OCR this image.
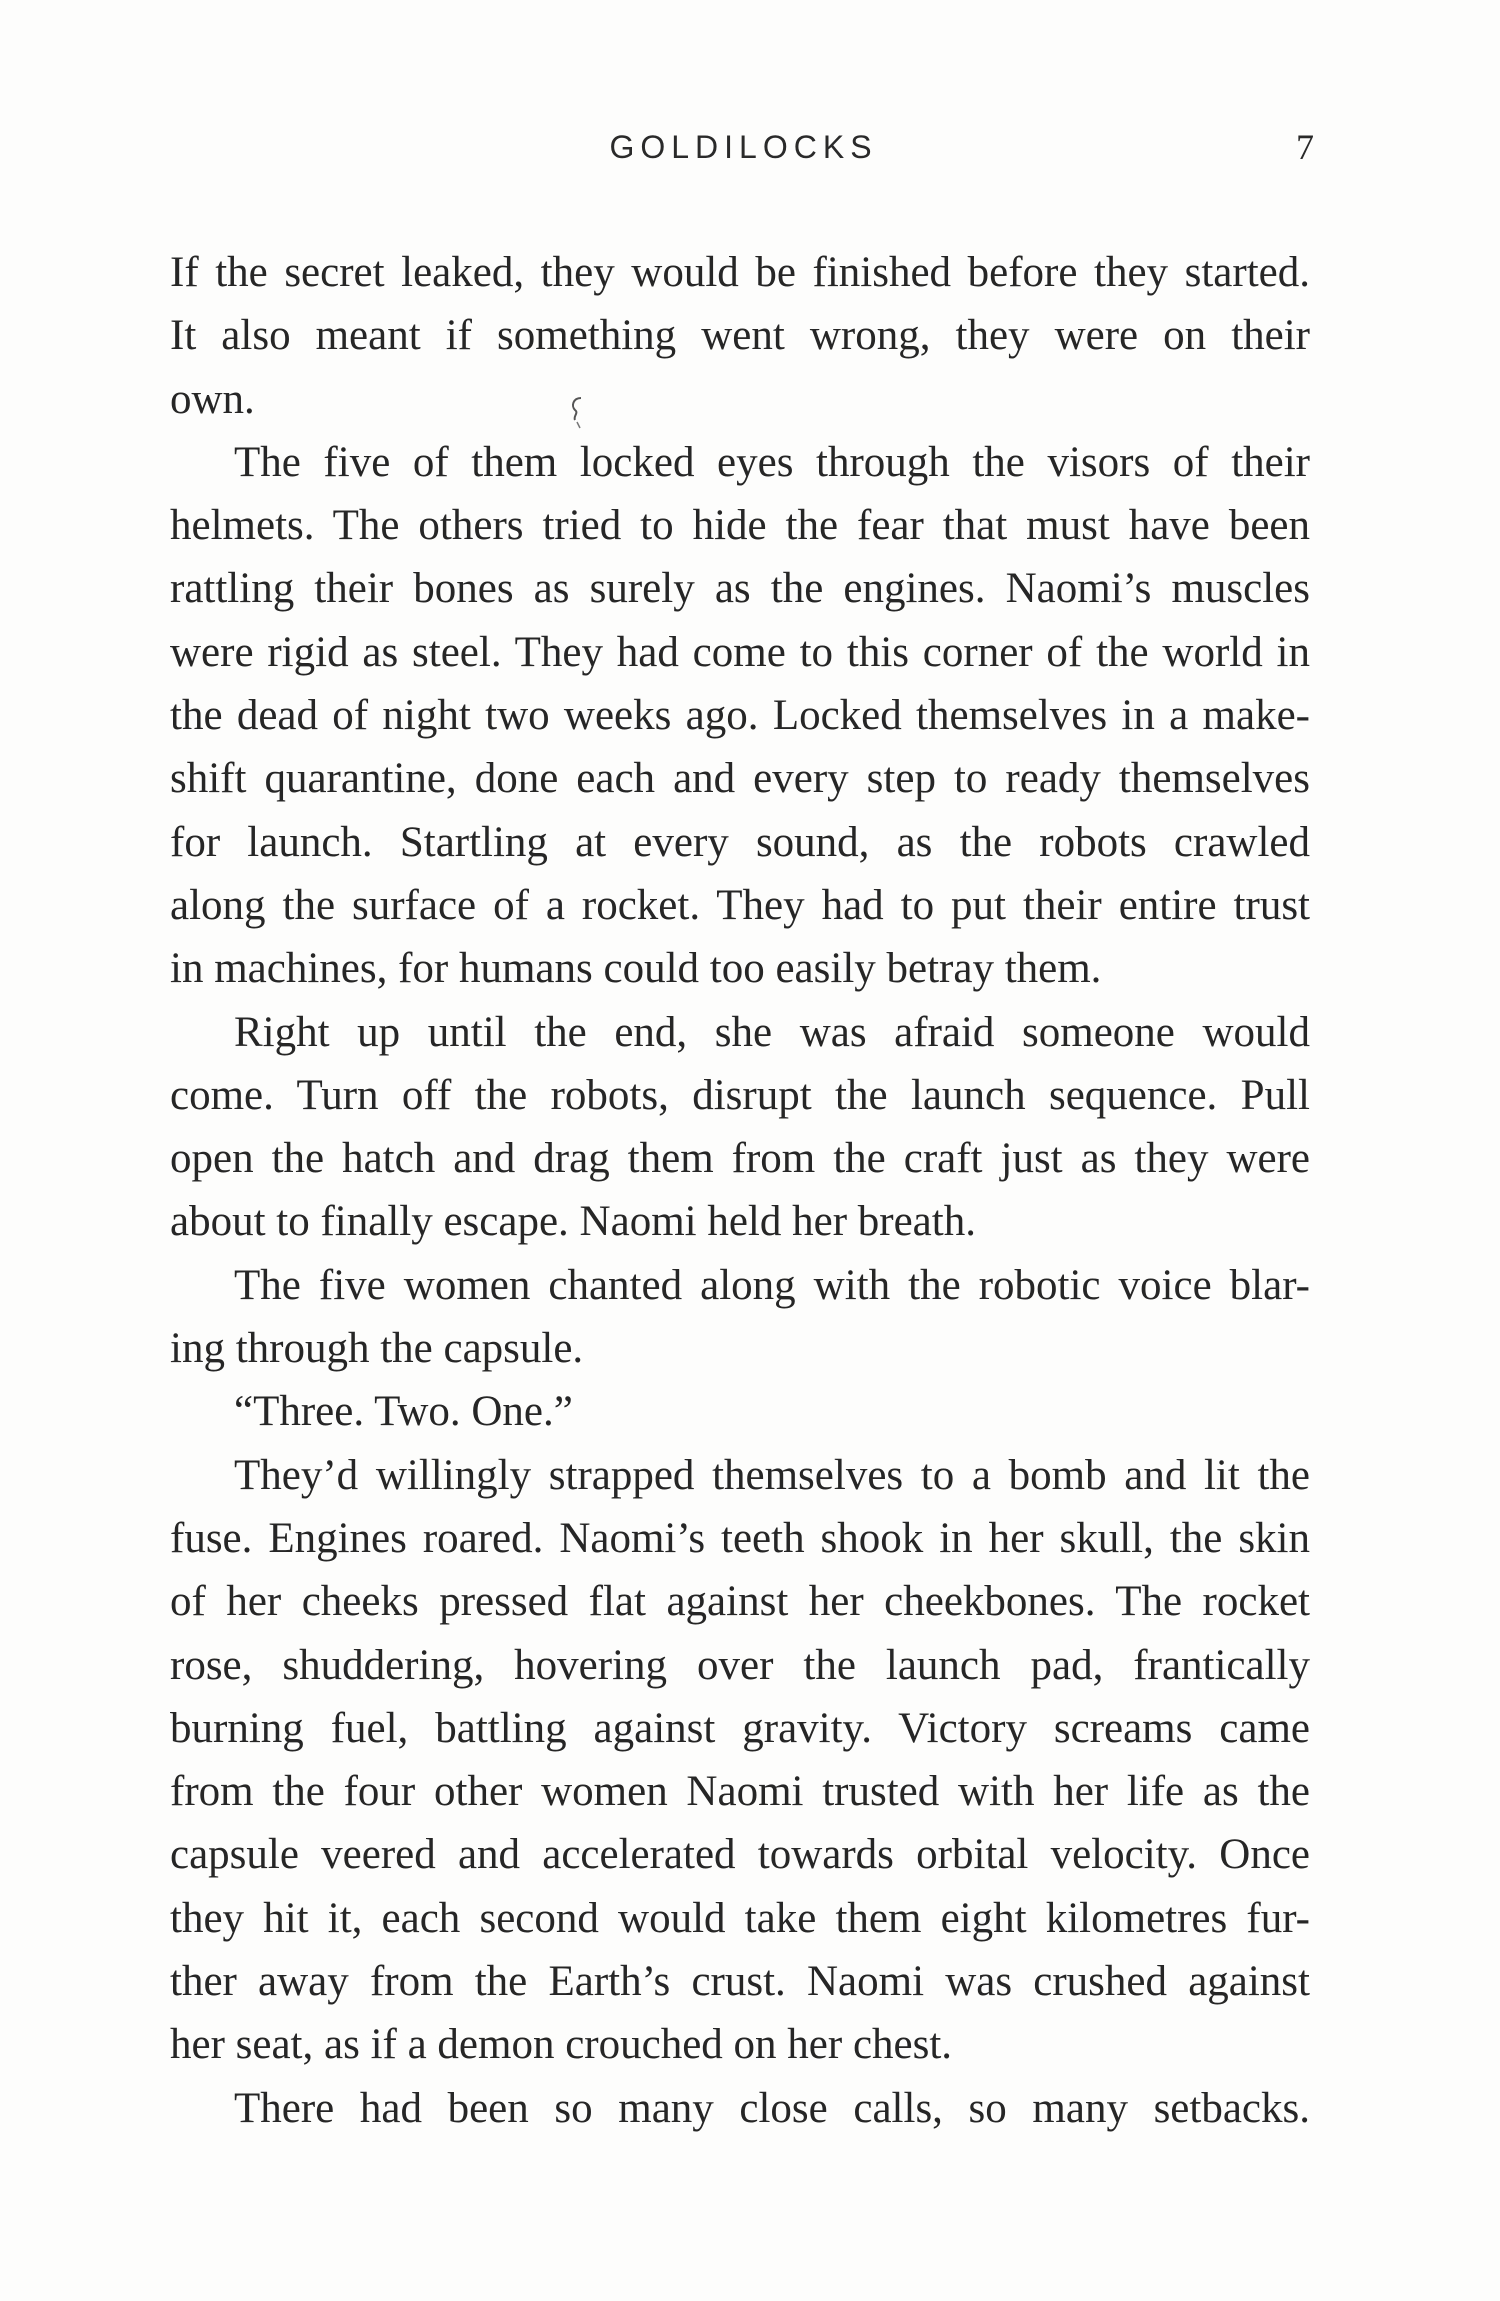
GOLDILOCKS	7
If the secret leaked, they would be finished before they started.
It also meant if something went wrong, they were on their
own.
The five of them locked eyes through the visors of their
helmets. The others tried to hide the fear that must have been
rattling their bones as surely as the engines. Naomi’s muscles
were rigid as steel. They had come to this corner of the world in
the dead of night two weeks ago. Locked themselves in a make-
shift quarantine, done each and every step to ready themselves
for launch. Startling at every sound, as the robots crawled
along the surface of a rocket. They had to put their entire trust
in machines, for humans could too easily betray them.
Right up until the end, she was afraid someone would
come. Turn off the robots, disrupt the launch sequence. Pull
open the hatch and drag them from the craft just as they were
about to finally escape. Naomi held her breath.
The five women chanted along with the robotic voice blar-
ing through the capsule.
“Three. Two. One.”
They’d willingly strapped themselves to a bomb and lit the
fuse. Engines roared. Naomi’s teeth shook in her skull, the skin
of her cheeks pressed flat against her cheekbones. The rocket
rose, shuddering, hovering over the launch pad, frantically
burning fuel, battling against gravity. Victory screams came
from the four other women Naomi trusted with her life as the
capsule veered and accelerated towards orbital velocity. Once
they hit it, each second would take them eight kilometres fur-
ther away from the Earth’s crust. Naomi was crushed against
her seat, as if a demon crouched on her chest.
There had been so many close calls, so many setbacks.
